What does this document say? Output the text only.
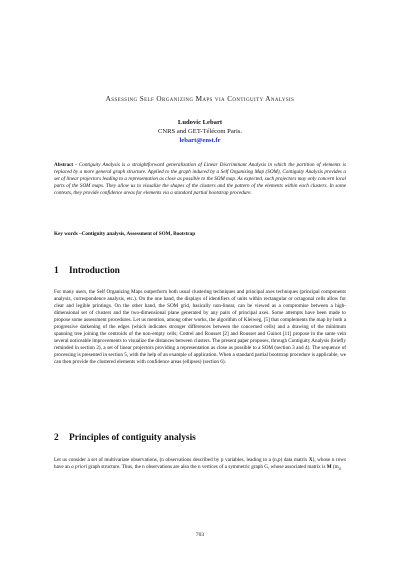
Assessing Self Organizing Maps via Contiguity Analysis
Ludovic Lebart
CNRS and GET-Télécom Paris.
lebart@enst.fr
Abstract - Contiguity Analysis is a straightforward generalization of Linear Discriminant Analysis in which the partition of elements is replaced by a more general graph structure. Applied to the graph induced by a Self Organising Map (SOM), Contiguity Analysis provides a set of linear projectors leading to a representation as close as possible to the SOM map. As expected, such projectors may only concern local parts of the SOM maps. They allow us to visualize the shapes of the clusters and the pattern of the elements within each clusters. In some contexts, they provide confidence areas for elements via a standard partial bootstrap procedure.
Key words –Contiguity analysis, Assessment of SOM, Bootstrap
1 Introduction
For many users, the Self Organizing Maps outperform both usual clustering techniques and principal axes techniques (principal components analysis, correspondence analysis, etc.). On the one hand, the displays of identifiers of units within rectangular or octagonal cells allow for clear and legible printings. On the other hand, the SOM grid, basically non-linear, can be viewed as a compromise between a high-dimensional set of clusters and the two-dimensional plane generated by any pairs of principal axes. Some attempts have been made to propose some assessment procedures. Let us mention, among other works, the algorithm of Kleiweg, [5] that complements the map by both a progressive darkening of the edges (which indicates stronger differences between the concerned cells) and a drawing of the minimum spanning tree joining the centroids of the non-empty cells; Cottrel and Rousset [2] and Rousset and Guinot [11] propose in the same vein several noticeable improvements to visualize the distances between clusters. The present paper proposes, through Contiguity Analysis (briefly reminded in section 2), a set of linear projectors providing a representation as close as possible to a SOM (section 3 and 4). The sequence of processing is presented in section 5, with the help of an example of application. When a standard partial bootstrap procedure is applicable, we can then provide the clustered elements with confidence areas (ellipses) (section 6).
2 Principles of contiguity analysis
Let us consider a set of multivariate observations, (n observations described by p variables, leading to a (n,p) data matrix X), whose n rows have an a priori graph structure. Thus, the n observations are also the n vertices of a symmetric graph G, whose associated matrix is M ($m_{ii'}$
703
